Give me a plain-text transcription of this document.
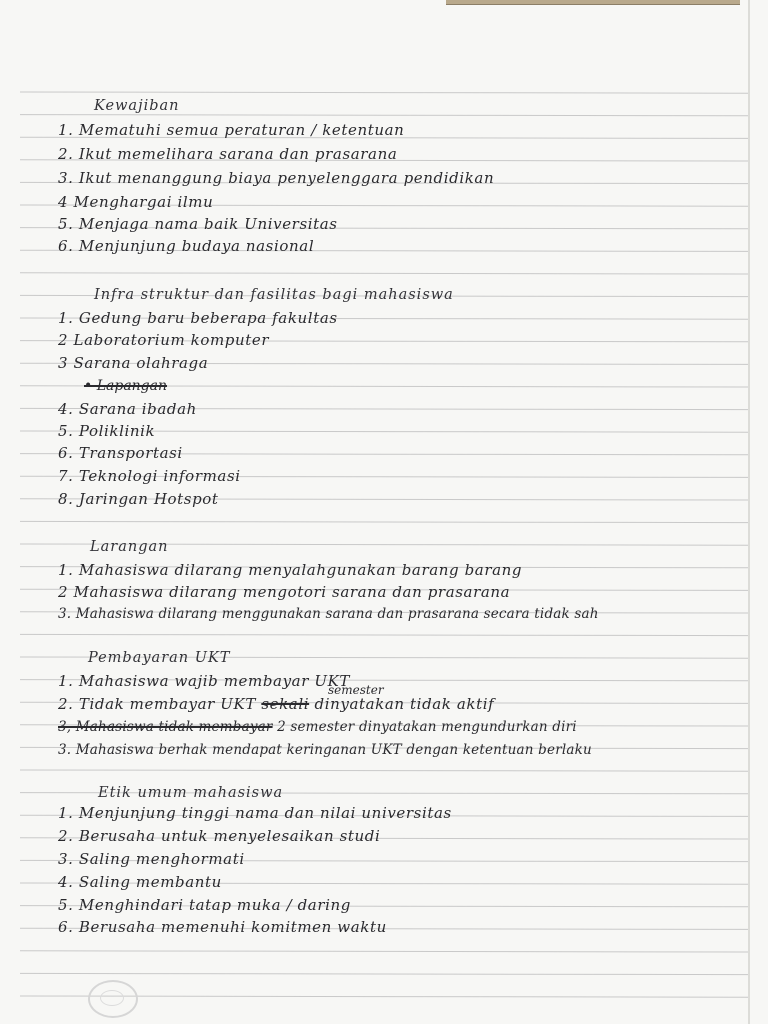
Kewajiban
1. Mematuhi semua peraturan / ketentuan
2. Ikut memelihara sarana dan prasarana
3. Ikut menanggung biaya penyelenggara pendidikan
4 Menghargai ilmu
5. Menjaga nama baik Universitas
6. Menjunjung budaya nasional
Infra struktur dan fasilitas bagi mahasiswa
1. Gedung baru beberapa fakultas
2 Laboratorium komputer
3 Sarana olahraga
• Lapangan
4. Sarana ibadah
5. Poliklinik
6. Transportasi
7. Teknologi informasi
8. Jaringan Hotspot
Larangan
1. Mahasiswa dilarang menyalahgunakan barang barang
2 Mahasiswa dilarang mengotori sarana dan prasarana
3. Mahasiswa dilarang menggunakan sarana dan prasarana secara tidak sah
Pembayaran UKT
1. Mahasiswa wajib membayar UKT
semester
2. Tidak membayar UKT sekali dinyatakan tidak aktif
3, Mahasiswa tidak membayar 2 semester dinyatakan mengundurkan diri
3. Mahasiswa berhak mendapat keringanan UKT dengan ketentuan berlaku
Etik umum mahasiswa
1. Menjunjung tinggi nama dan nilai universitas
2. Berusaha untuk menyelesaikan studi
3. Saling menghormati
4. Saling membantu
5. Menghindari tatap muka / daring
6. Berusaha memenuhi komitmen waktu
